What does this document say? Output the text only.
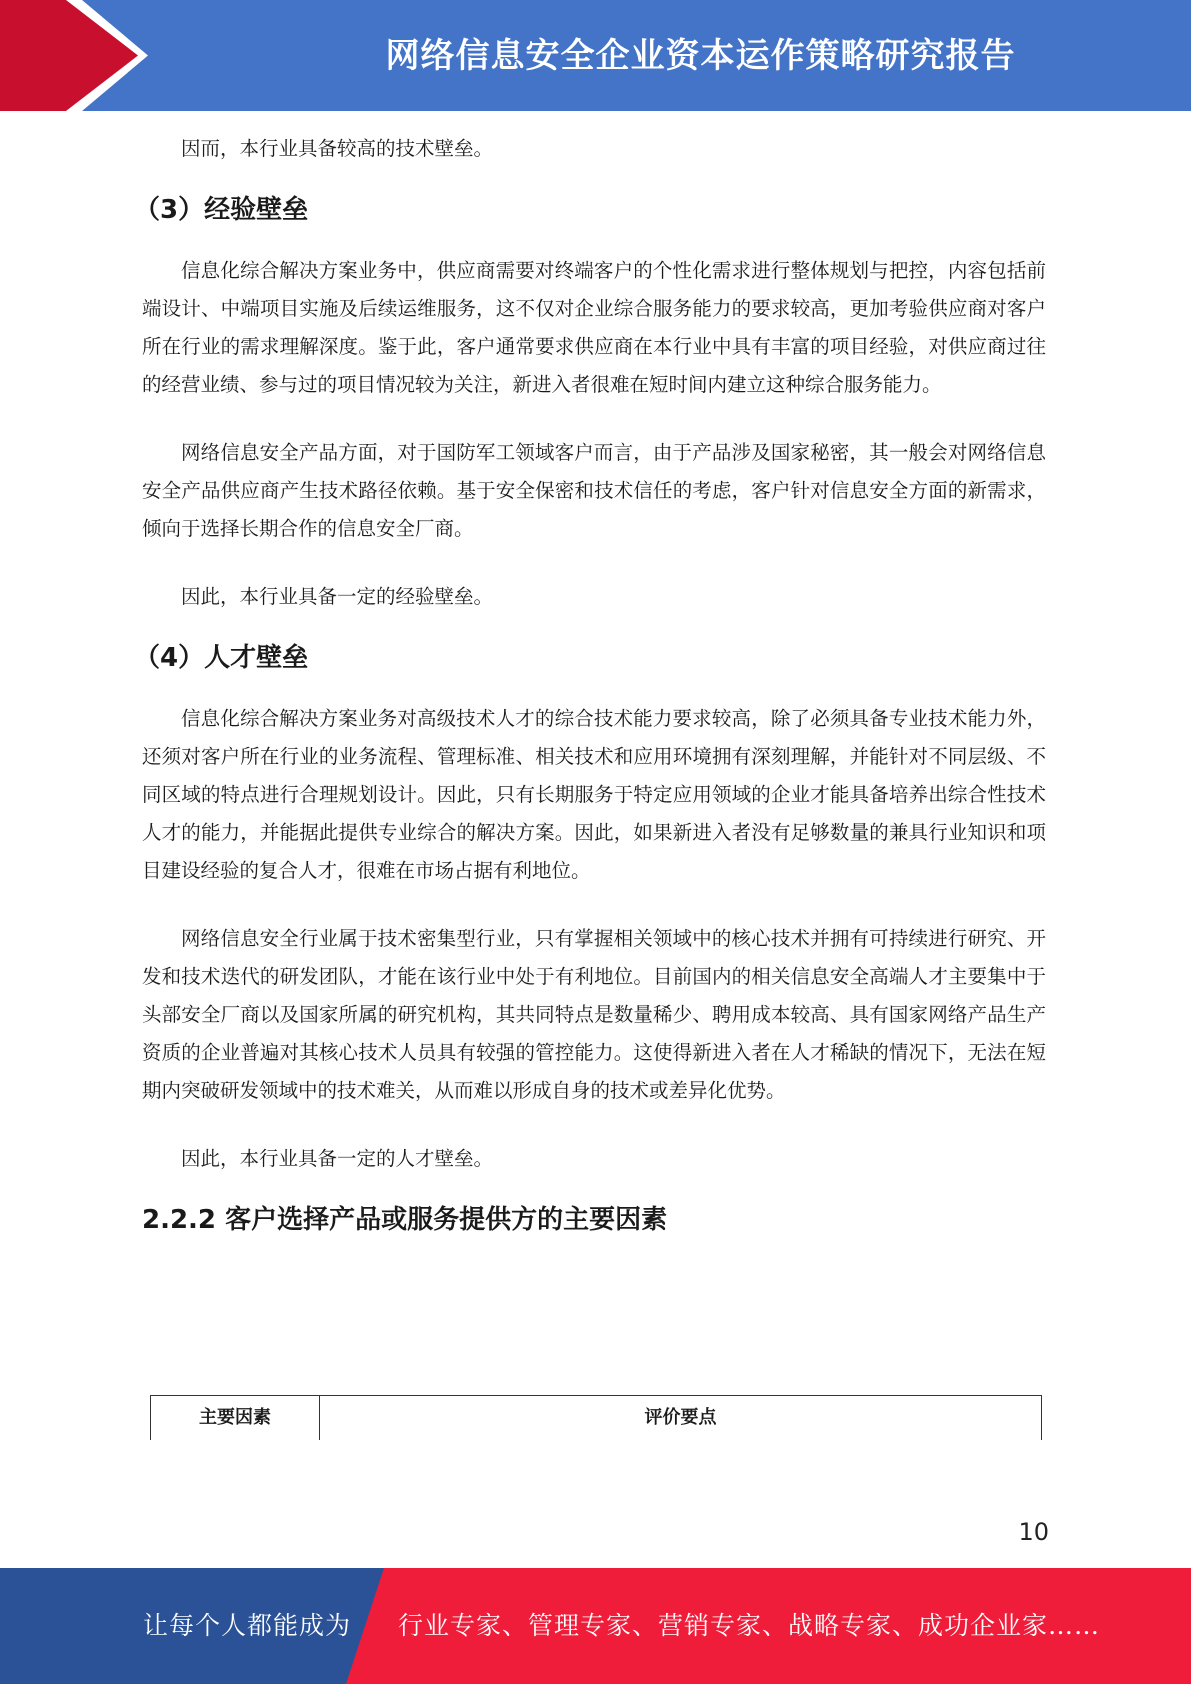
网络信息安全企业资本运作策略研究报告

因而，本行业具备较高的技术壁垒。

（3）经验壁垒

信息化综合解决方案业务中，供应商需要对终端客户的个性化需求进行整体规划与把控，内容包括前端设计、中端项目实施及后续运维服务，这不仅对企业综合服务能力的要求较高，更加考验供应商对客户所在行业的需求理解深度。鉴于此，客户通常要求供应商在本行业中具有丰富的项目经验，对供应商过往的经营业绩、参与过的项目情况较为关注，新进入者很难在短时间内建立这种综合服务能力。

网络信息安全产品方面，对于国防军工领域客户而言，由于产品涉及国家秘密，其一般会对网络信息安全产品供应商产生技术路径依赖。基于安全保密和技术信任的考虑，客户针对信息安全方面的新需求，倾向于选择长期合作的信息安全厂商。

因此，本行业具备一定的经验壁垒。

（4）人才壁垒

信息化综合解决方案业务对高级技术人才的综合技术能力要求较高，除了必须具备专业技术能力外，还须对客户所在行业的业务流程、管理标准、相关技术和应用环境拥有深刻理解，并能针对不同层级、不同区域的特点进行合理规划设计。因此，只有长期服务于特定应用领域的企业才能具备培养出综合性技术人才的能力，并能据此提供专业综合的解决方案。因此，如果新进入者没有足够数量的兼具行业知识和项目建设经验的复合人才，很难在市场占据有利地位。

网络信息安全行业属于技术密集型行业，只有掌握相关领域中的核心技术并拥有可持续进行研究、开发和技术迭代的研发团队，才能在该行业中处于有利地位。目前国内的相关信息安全高端人才主要集中于头部安全厂商以及国家所属的研究机构，其共同特点是数量稀少、聘用成本较高、具有国家网络产品生产资质的企业普遍对其核心技术人员具有较强的管控能力。这使得新进入者在人才稀缺的情况下，无法在短期内突破研发领域中的技术难关，从而难以形成自身的技术或差异化优势。

因此，本行业具备一定的人才壁垒。

2.2.2 客户选择产品或服务提供方的主要因素
主要因素	评价要点
10
让每个人都能成为 行业专家、管理专家、营销专家、战略专家、成功企业家……
